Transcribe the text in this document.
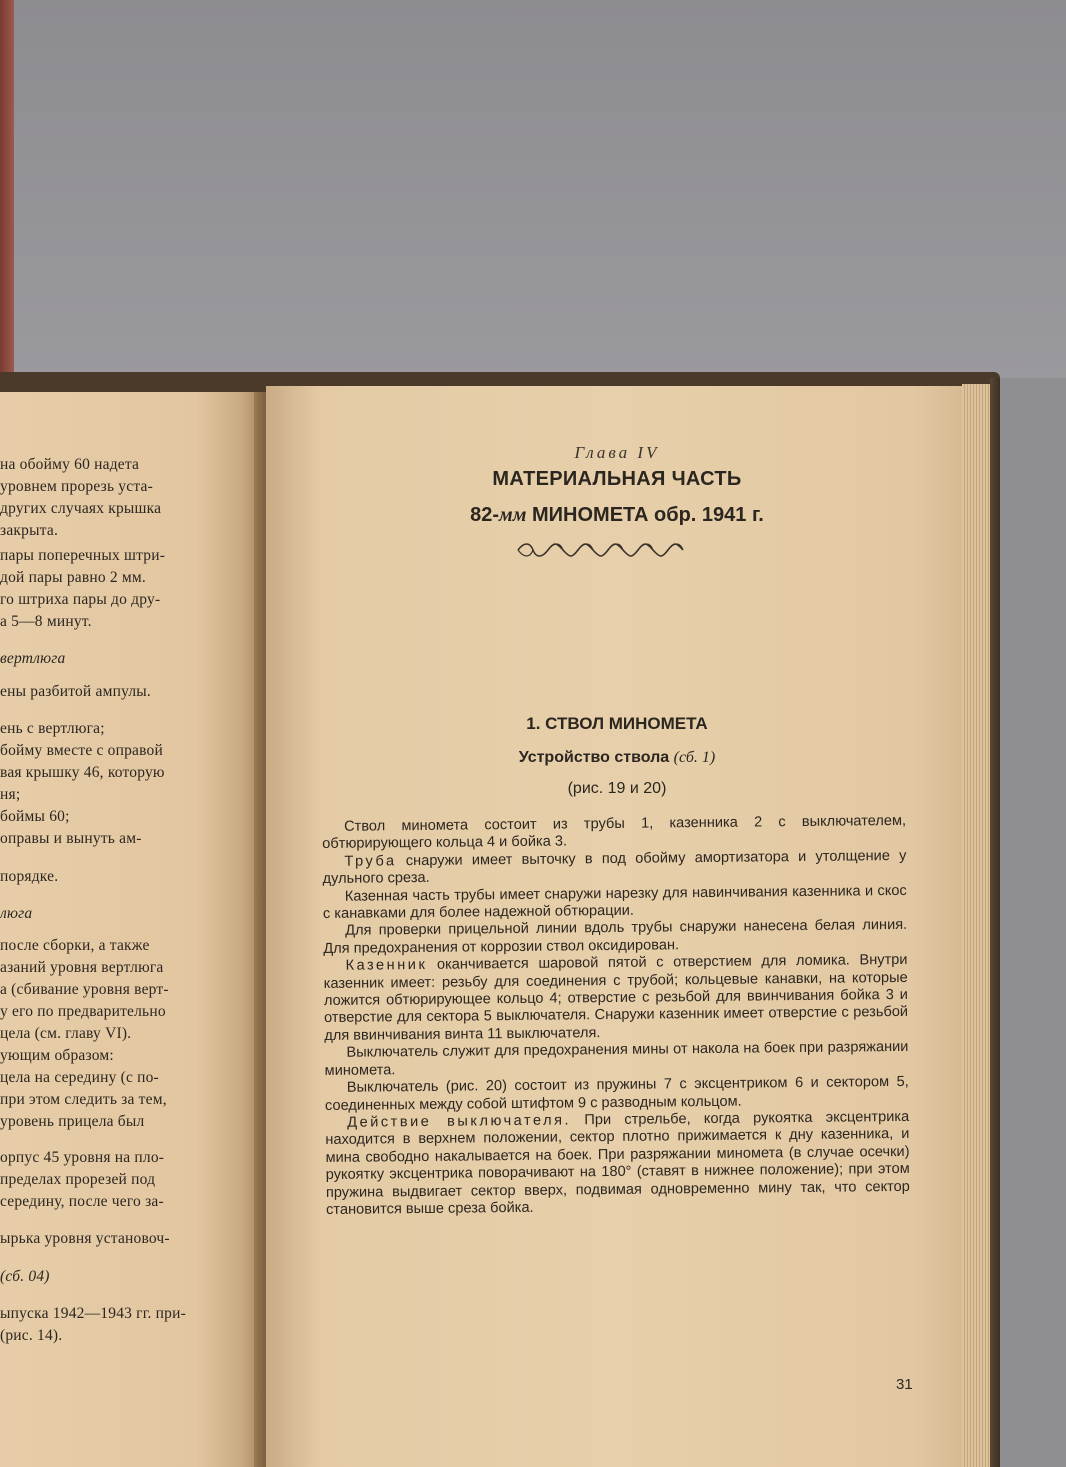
на обойму 60 надета
уровнем прорезь уста-
других случаях крышка
закрыта.
пары поперечных штри-
дой пары равно 2 мм.
го штриха пары до дру-
а 5—8 минут.
вертлюга
ены разбитой ампулы.
ень с вертлюга;
бойму вместе с оправой
вая крышку 46, которую
ня;
боймы 60;
оправы и вынуть ам-
порядке.
люга
после сборки, а также
азаний уровня вертлюга
а (сбивание уровня верт-
у его по предварительно
цела (см. главу VI).
ующим образом:
цела на середину (с по-
при этом следить за тем,
уровень прицела был
орпус 45 уровня на пло-
пределах прорезей под
середину, после чего за-
ырька уровня установоч-
(сб. 04)
ыпуска 1942—1943 гг. при-
(рис. 14).
Глава IV
МАТЕРИАЛЬНАЯ ЧАСТЬ
82-мм МИНОМЕТА обр. 1941 г.
1. СТВОЛ МИНОМЕТА
Устройство ствола (сб. 1)
(рис. 19 и 20)

Ствол миномета состоит из трубы 1, казенника 2 с выключателем, обтюрирующего кольца 4 и бойка 3.

Труба снаружи имеет выточку в под обойму амортизатора и утолщение у дульного среза.

Казенная часть трубы имеет снаружи нарезку для навинчивания казенника и скос с канавками для более надежной обтюрации.

Для проверки прицельной линии вдоль трубы снаружи нанесена белая линия. Для предохранения от коррозии ствол оксидирован.

Казенник оканчивается шаровой пятой с отверстием для ломика. Внутри казенник имеет: резьбу для соединения с трубой; кольцевые канавки, на которые ложится обтюрирующее кольцо 4; отверстие с резьбой для ввинчивания бойка 3 и отверстие для сектора 5 выключателя. Снаружи казенник имеет отверстие с резьбой для ввинчивания винта 11 выключателя.

Выключатель служит для предохранения мины от накола на боек при разряжании миномета.

Выключатель (рис. 20) состоит из пружины 7 с эксцентриком 6 и сектором 5, соединенных между собой штифтом 9 с разводным кольцом.

Действие выключателя. При стрельбе, когда рукоятка эксцентрика находится в верхнем положении, сектор плотно прижимается к дну казенника, и мина свободно накалывается на боек. При разряжании миномета (в случае осечки) рукоятку эксцентрика поворачивают на 180° (ставят в нижнее положение); при этом пружина выдвигает сектор вверх, подвимая одновременно мину так, что сектор становится выше среза бойка.

31
